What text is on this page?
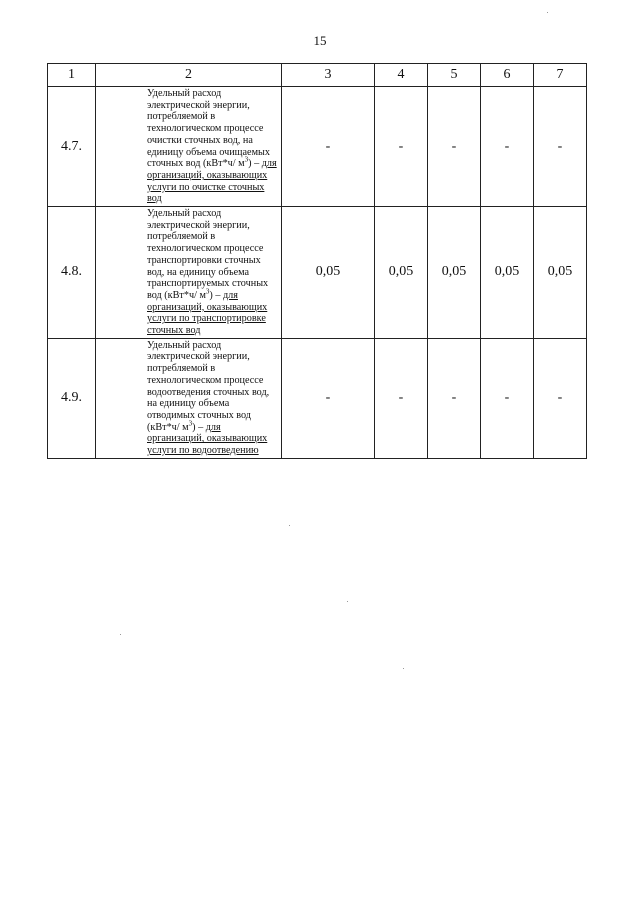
15
1	2	3	4	5	6	7
4.7.	Удельный расход электрической энергии, потребляемой в технологическом процессе очистки сточных вод, на единицу объема очищаемых сточных вод (кВт*ч/ $м^3$) – для организаций, оказывающих услуги по очистке сточных вод	-	-	-	-	-
4.8.	Удельный расход электрической энергии, потребляемой в технологическом процессе транспортировки сточных вод, на единицу объема транспортируемых сточных вод (кВт*ч/ $м^3$) – для организаций, оказывающих услуги по транспортировке сточных вод	0,05	0,05	0,05	0,05	0,05
4.9.	Удельный расход электрической энергии, потребляемой в технологическом процессе водоотведения сточных вод, на единицу объема отводимых сточных вод (кВт*ч/ $м^3$) – для организаций, оказывающих услуги по водоотведению	-	-	-	-	-
